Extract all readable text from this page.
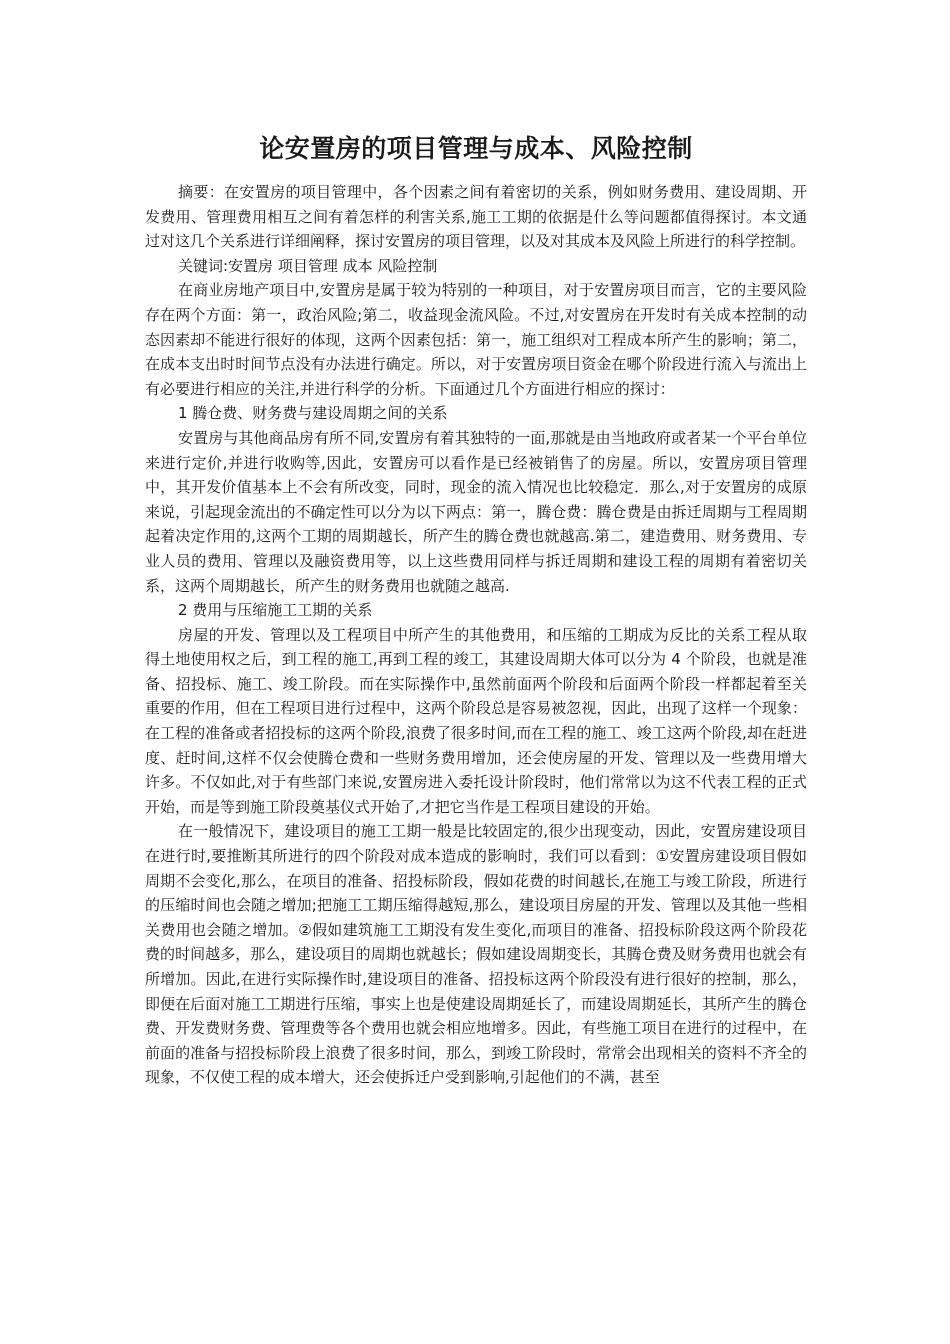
论安置房的项目管理与成本、风险控制

摘要：在安置房的项目管理中，各个因素之间有着密切的关系，例如财务费用、建设周期、开发费用、管理费用相互之间有着怎样的利害关系,施工工期的依据是什么等问题都值得探讨。本文通过对这几个关系进行详细阐释，探讨安置房的项目管理，以及对其成本及风险上所进行的科学控制。

关键词:安置房 项目管理 成本 风险控制

在商业房地产项目中,安置房是属于较为特别的一种项目，对于安置房项目而言，它的主要风险存在两个方面：第一，政治风险;第二，收益现金流风险。不过,对安置房在开发时有关成本控制的动态因素却不能进行很好的体现，这两个因素包括：第一，施工组织对工程成本所产生的影响；第二，在成本支出时时间节点没有办法进行确定。所以，对于安置房项目资金在哪个阶段进行流入与流出上有必要进行相应的关注,并进行科学的分析。下面通过几个方面进行相应的探讨：

1 腾仓费、财务费与建设周期之间的关系

安置房与其他商品房有所不同,安置房有着其独特的一面,那就是由当地政府或者某一个平台单位来进行定价,并进行收购等,因此，安置房可以看作是已经被销售了的房屋。所以，安置房项目管理中，其开发价值基本上不会有所改变，同时，现金的流入情况也比较稳定．那么,对于安置房的成原来说，引起现金流出的不确定性可以分为以下两点：第一，腾仓费：腾仓费是由拆迁周期与工程周期起着决定作用的,这两个工期的周期越长，所产生的腾仓费也就越高.第二，建造费用、财务费用、专业人员的费用、管理以及融资费用等，以上这些费用同样与拆迁周期和建设工程的周期有着密切关系，这两个周期越长，所产生的财务费用也就随之越高.

2 费用与压缩施工工期的关系

房屋的开发、管理以及工程项目中所产生的其他费用，和压缩的工期成为反比的关系工程从取得土地使用权之后，到工程的施工,再到工程的竣工，其建设周期大体可以分为 4 个阶段，也就是准备、招投标、施工、竣工阶段。而在实际操作中,虽然前面两个阶段和后面两个阶段一样都起着至关重要的作用，但在工程项目进行过程中，这两个阶段总是容易被忽视，因此，出现了这样一个现象：在工程的准备或者招投标的这两个阶段,浪费了很多时间,而在工程的施工、竣工这两个阶段,却在赶进度、赶时间,这样不仅会使腾仓费和一些财务费用增加，还会使房屋的开发、管理以及一些费用增大许多。不仅如此,对于有些部门来说,安置房进入委托设计阶段时，他们常常以为这不代表工程的正式开始，而是等到施工阶段奠基仪式开始了,才把它当作是工程项目建设的开始。

在一般情况下，建设项目的施工工期一般是比较固定的,很少出现变动，因此，安置房建设项目在进行时,要推断其所进行的四个阶段对成本造成的影响时，我们可以看到：①安置房建设项目假如周期不会变化,那么，在项目的准备、招投标阶段，假如花费的时间越长,在施工与竣工阶段，所进行的压缩时间也会随之增加;把施工工期压缩得越短,那么，建设项目房屋的开发、管理以及其他一些相关费用也会随之增加。②假如建筑施工工期没有发生变化,而项目的准备、招投标阶段这两个阶段花费的时间越多，那么，建设项目的周期也就越长；假如建设周期变长，其腾仓费及财务费用也就会有所增加。因此,在进行实际操作时,建设项目的准备、招投标这两个阶段没有进行很好的控制，那么，即便在后面对施工工期进行压缩，事实上也是使建设周期延长了，而建设周期延长，其所产生的腾仓费、开发费财务费、管理费等各个费用也就会相应地增多。因此，有些施工项目在进行的过程中，在前面的准备与招投标阶段上浪费了很多时间，那么，到竣工阶段时，常常会出现相关的资料不齐全的现象，不仅使工程的成本增大，还会使拆迁户受到影响,引起他们的不满，甚至
